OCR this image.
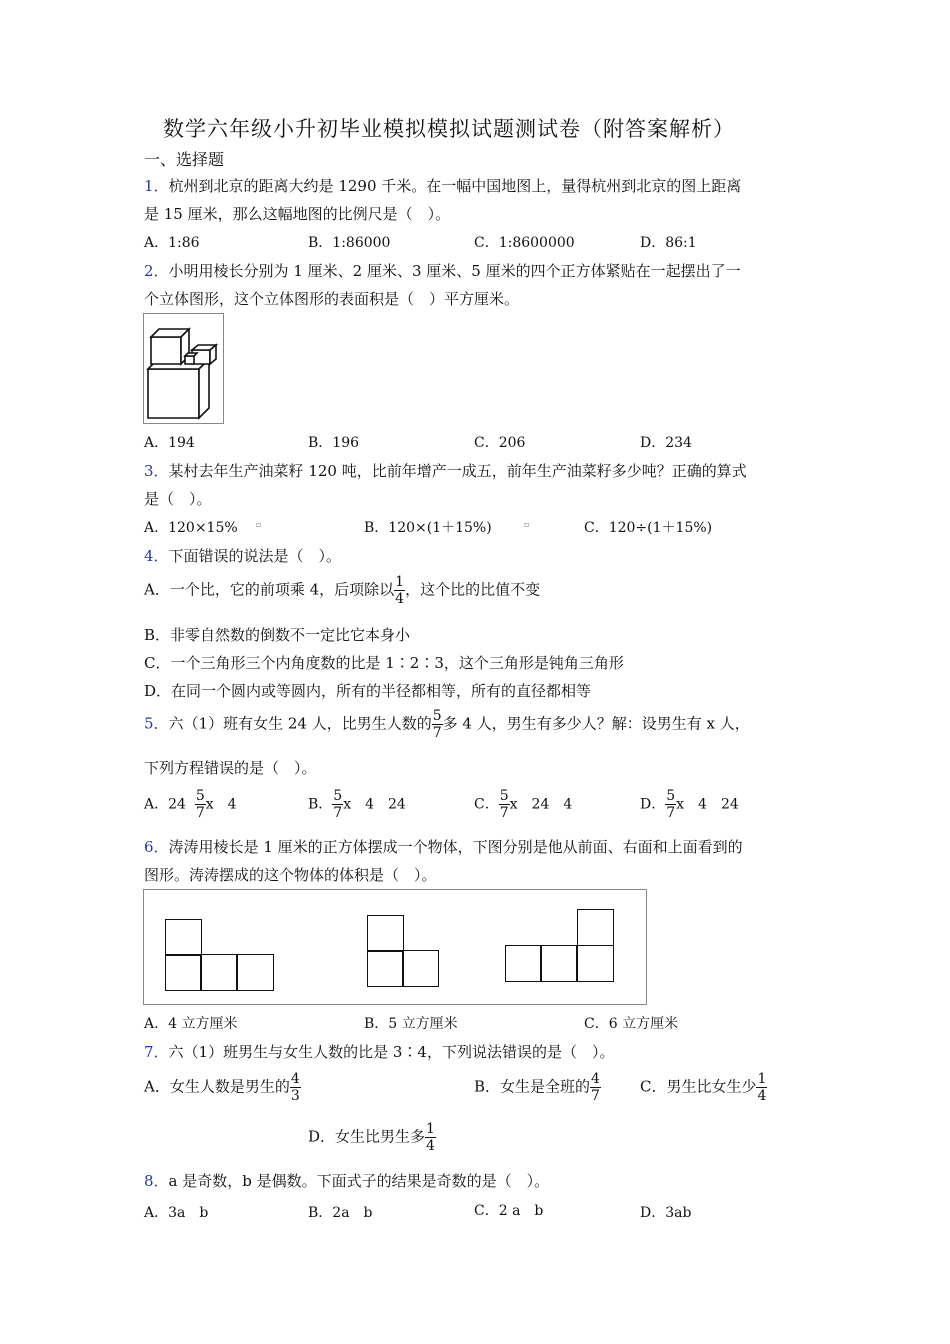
数学六年级小升初毕业模拟模拟试题测试卷（附答案解析）
一、选择题
1．杭州到北京的距离大约是 1290 千米。在一幅中国地图上，量得杭州到北京的图上距离
是 15 厘米，那么这幅地图的比例尺是（　）。
A．1:86	B．1:86000	C．1:8600000	D．86:1
2．小明用棱长分别为 1 厘米、2 厘米、3 厘米、5 厘米的四个正方体紧贴在一起摆出了一
个立体图形，这个立体图形的表面积是（　）平方厘米。
A．194	B．196	C．206	D．234
3．某村去年生产油菜籽 120 吨，比前年增产一成五，前年生产油菜籽多少吨？正确的算式
是（　）。
A．120×15% ▫	B．120×(1＋15%)	▫	C．120÷(1＋15%)
4．下面错误的说法是（　）。
A．一个比，它的前项乘 4，后项除以 $\frac{1}{4}$ ，这个比的比值不变
B．非零自然数的倒数不一定比它本身小
C．一个三角形三个内角度数的比是 1∶2∶3，这个三角形是钝角三角形
D．在同一个圆内或等圆内，所有的半径都相等，所有的直径都相等
5．六（1）班有女生 24 人，比男生人数的 $\frac{5}{7}$ 多 4 人，男生有多少人？解：设男生有 x 人，
下列方程错误的是（　）。
A．$24 \frac{5}{7}$ x　4	B． $\frac{5}{7}$ x　4　24	C． $\frac{5}{7}$ x　24　4	D． $\frac{5}{7}$ x　4　24
6．涛涛用棱长是 1 厘米的正方体摆成一个物体，下图分别是他从前面、右面和上面看到的
图形。涛涛摆成的这个物体的体积是（　）。
A．4 立方厘米	B．5 立方厘米	C．6 立方厘米
7．六（1）班男生与女生人数的比是 3∶4，下列说法错误的是（　）。
A．女生人数是男生的 $\frac{4}{3}$	B．女生是全班的 $\frac{4}{7}$	C．男生比女生少 $\frac{1}{4}$
D．女生比男生多 $\frac{1}{4}$
8．a 是奇数，b 是偶数。下面式子的结果是奇数的是（　）。
A．3a　b	B．2a　b	C．2 a　b	D．3ab
